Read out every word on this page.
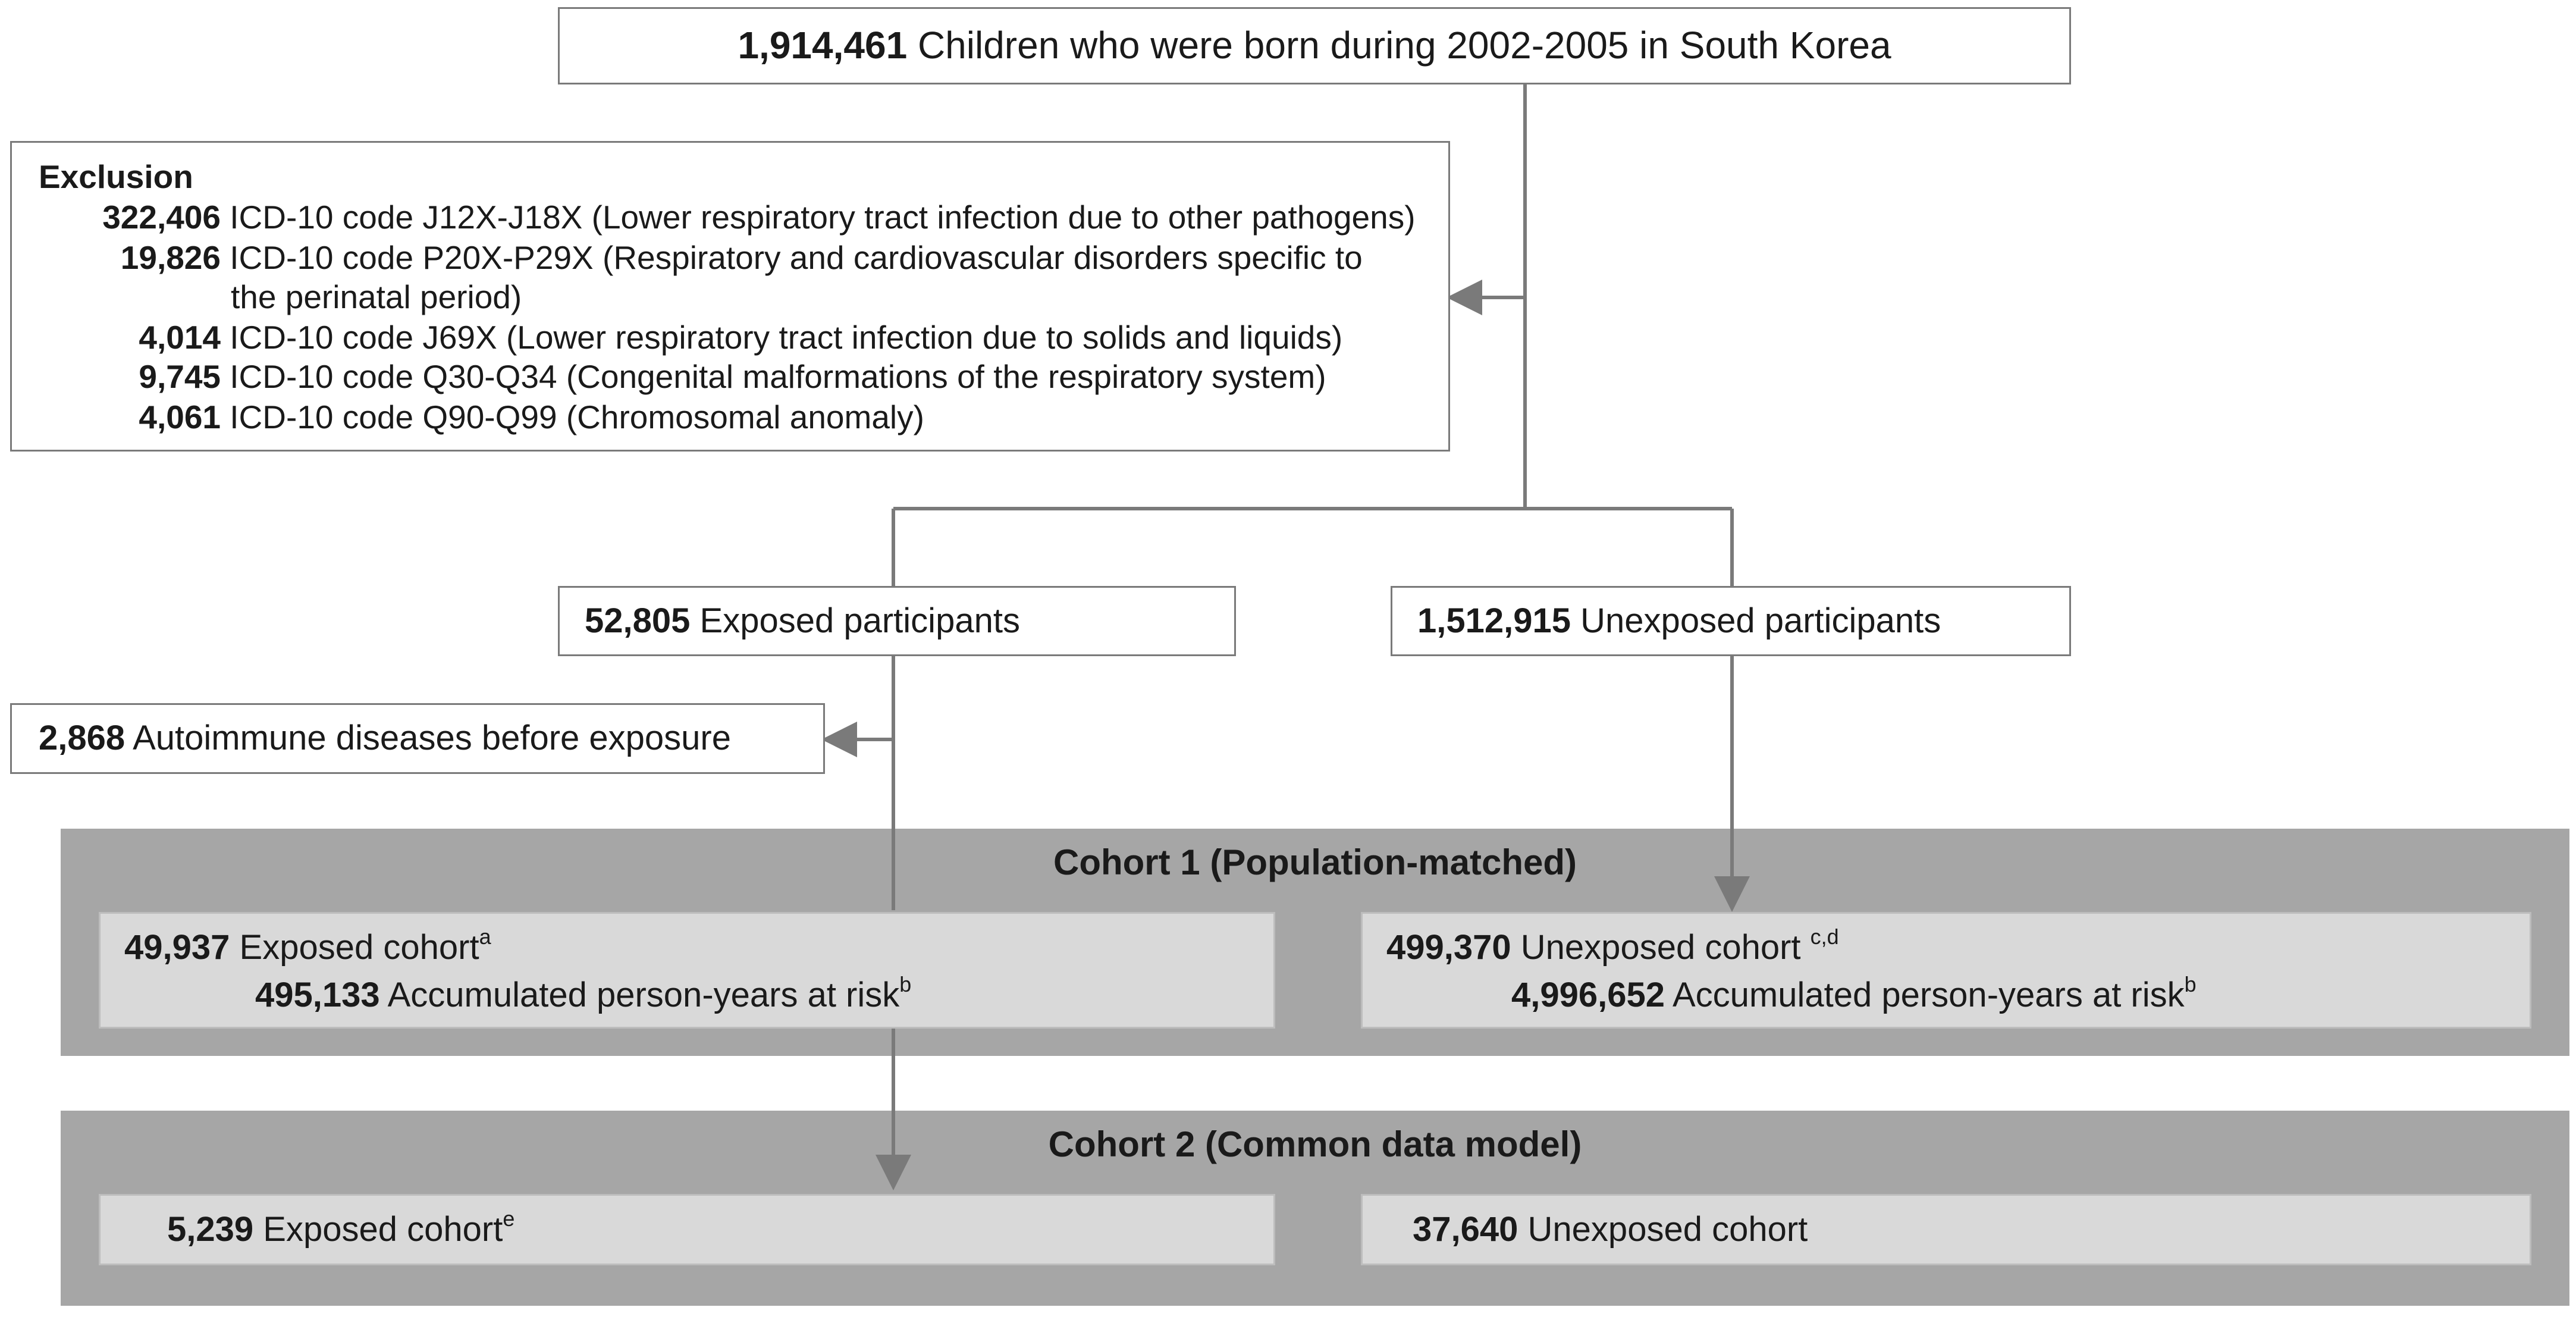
Cohort 1 (Population-matched)
49,937 Exposed cohort$^a$
495,133 Accumulated person-years at risk$^b$
499,370 Unexposed cohort $^{c,d}$
4,996,652 Accumulated person-years at risk$^b$
Cohort 2 (Common data model)
5,239 Exposed cohort$^e$	37,640 Unexposed cohort
1,914,461 Children who were born during 2002-2005 in South Korea
Exclusion
322,406 ICD-10 code J12X-J18X (Lower respiratory tract infection due to other pathogens)
19,826 ICD-10 code P20X-P29X (Respiratory and cardiovascular disorders specific to
the perinatal period)
4,014 ICD-10 code J69X (Lower respiratory tract infection due to solids and liquids)
9,745 ICD-10 code Q30-Q34 (Congenital malformations of the respiratory system)
4,061 ICD-10 code Q90-Q99 (Chromosomal anomaly)
52,805 Exposed participants	1,512,915 Unexposed participants
2,868 Autoimmune diseases before exposure
